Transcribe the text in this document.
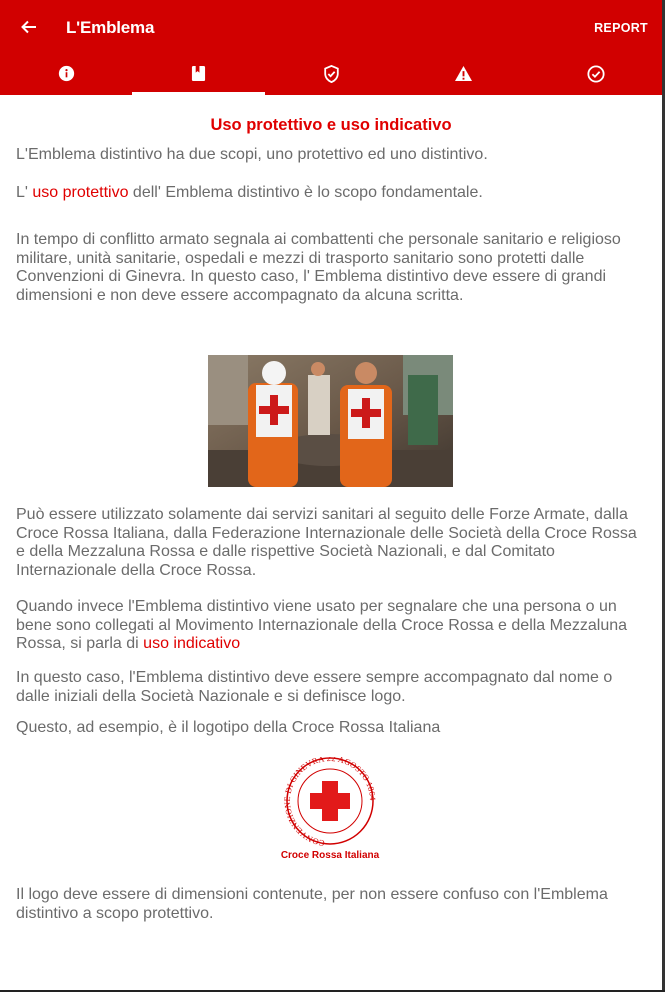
L'Emblema	REPORT
Uso protettivo e uso indicativo
L'Emblema distintivo ha due scopi, uno protettivo ed uno distintivo.
L' uso protettivo dell' Emblema distintivo è lo scopo fondamentale.
In tempo di conflitto armato segnala ai combattenti che personale sanitario e religioso militare, unità sanitarie, ospedali e mezzi di trasporto sanitario sono protetti dalle Convenzioni di Ginevra. In questo caso, l' Emblema distintivo deve essere di grandi dimensioni e non deve essere accompagnato da alcuna scritta.
Può essere utilizzato solamente dai servizi sanitari al seguito delle Forze Armate, dalla Croce Rossa Italiana, dalla Federazione Internazionale delle Società della Croce Rossa e della Mezzaluna Rossa e dalle rispettive Società Nazionali, e dal Comitato Internazionale della Croce Rossa.
Quando invece l'Emblema distintivo viene usato per segnalare che una persona o un bene sono collegati al Movimento Internazionale della Croce Rossa e della Mezzaluna Rossa, si parla di uso indicativo
In questo caso, l'Emblema distintivo deve essere sempre accompagnato dal nome o dalle iniziali della Società Nazionale e si definisce logo.
Questo, ad esempio, è il logotipo della Croce Rossa Italiana
CONVENZIONE DI GINEVRA 22 AGOSTO 1864
Croce Rossa Italiana
Il logo deve essere di dimensioni contenute, per non essere confuso con l'Emblema distintivo a scopo protettivo.
